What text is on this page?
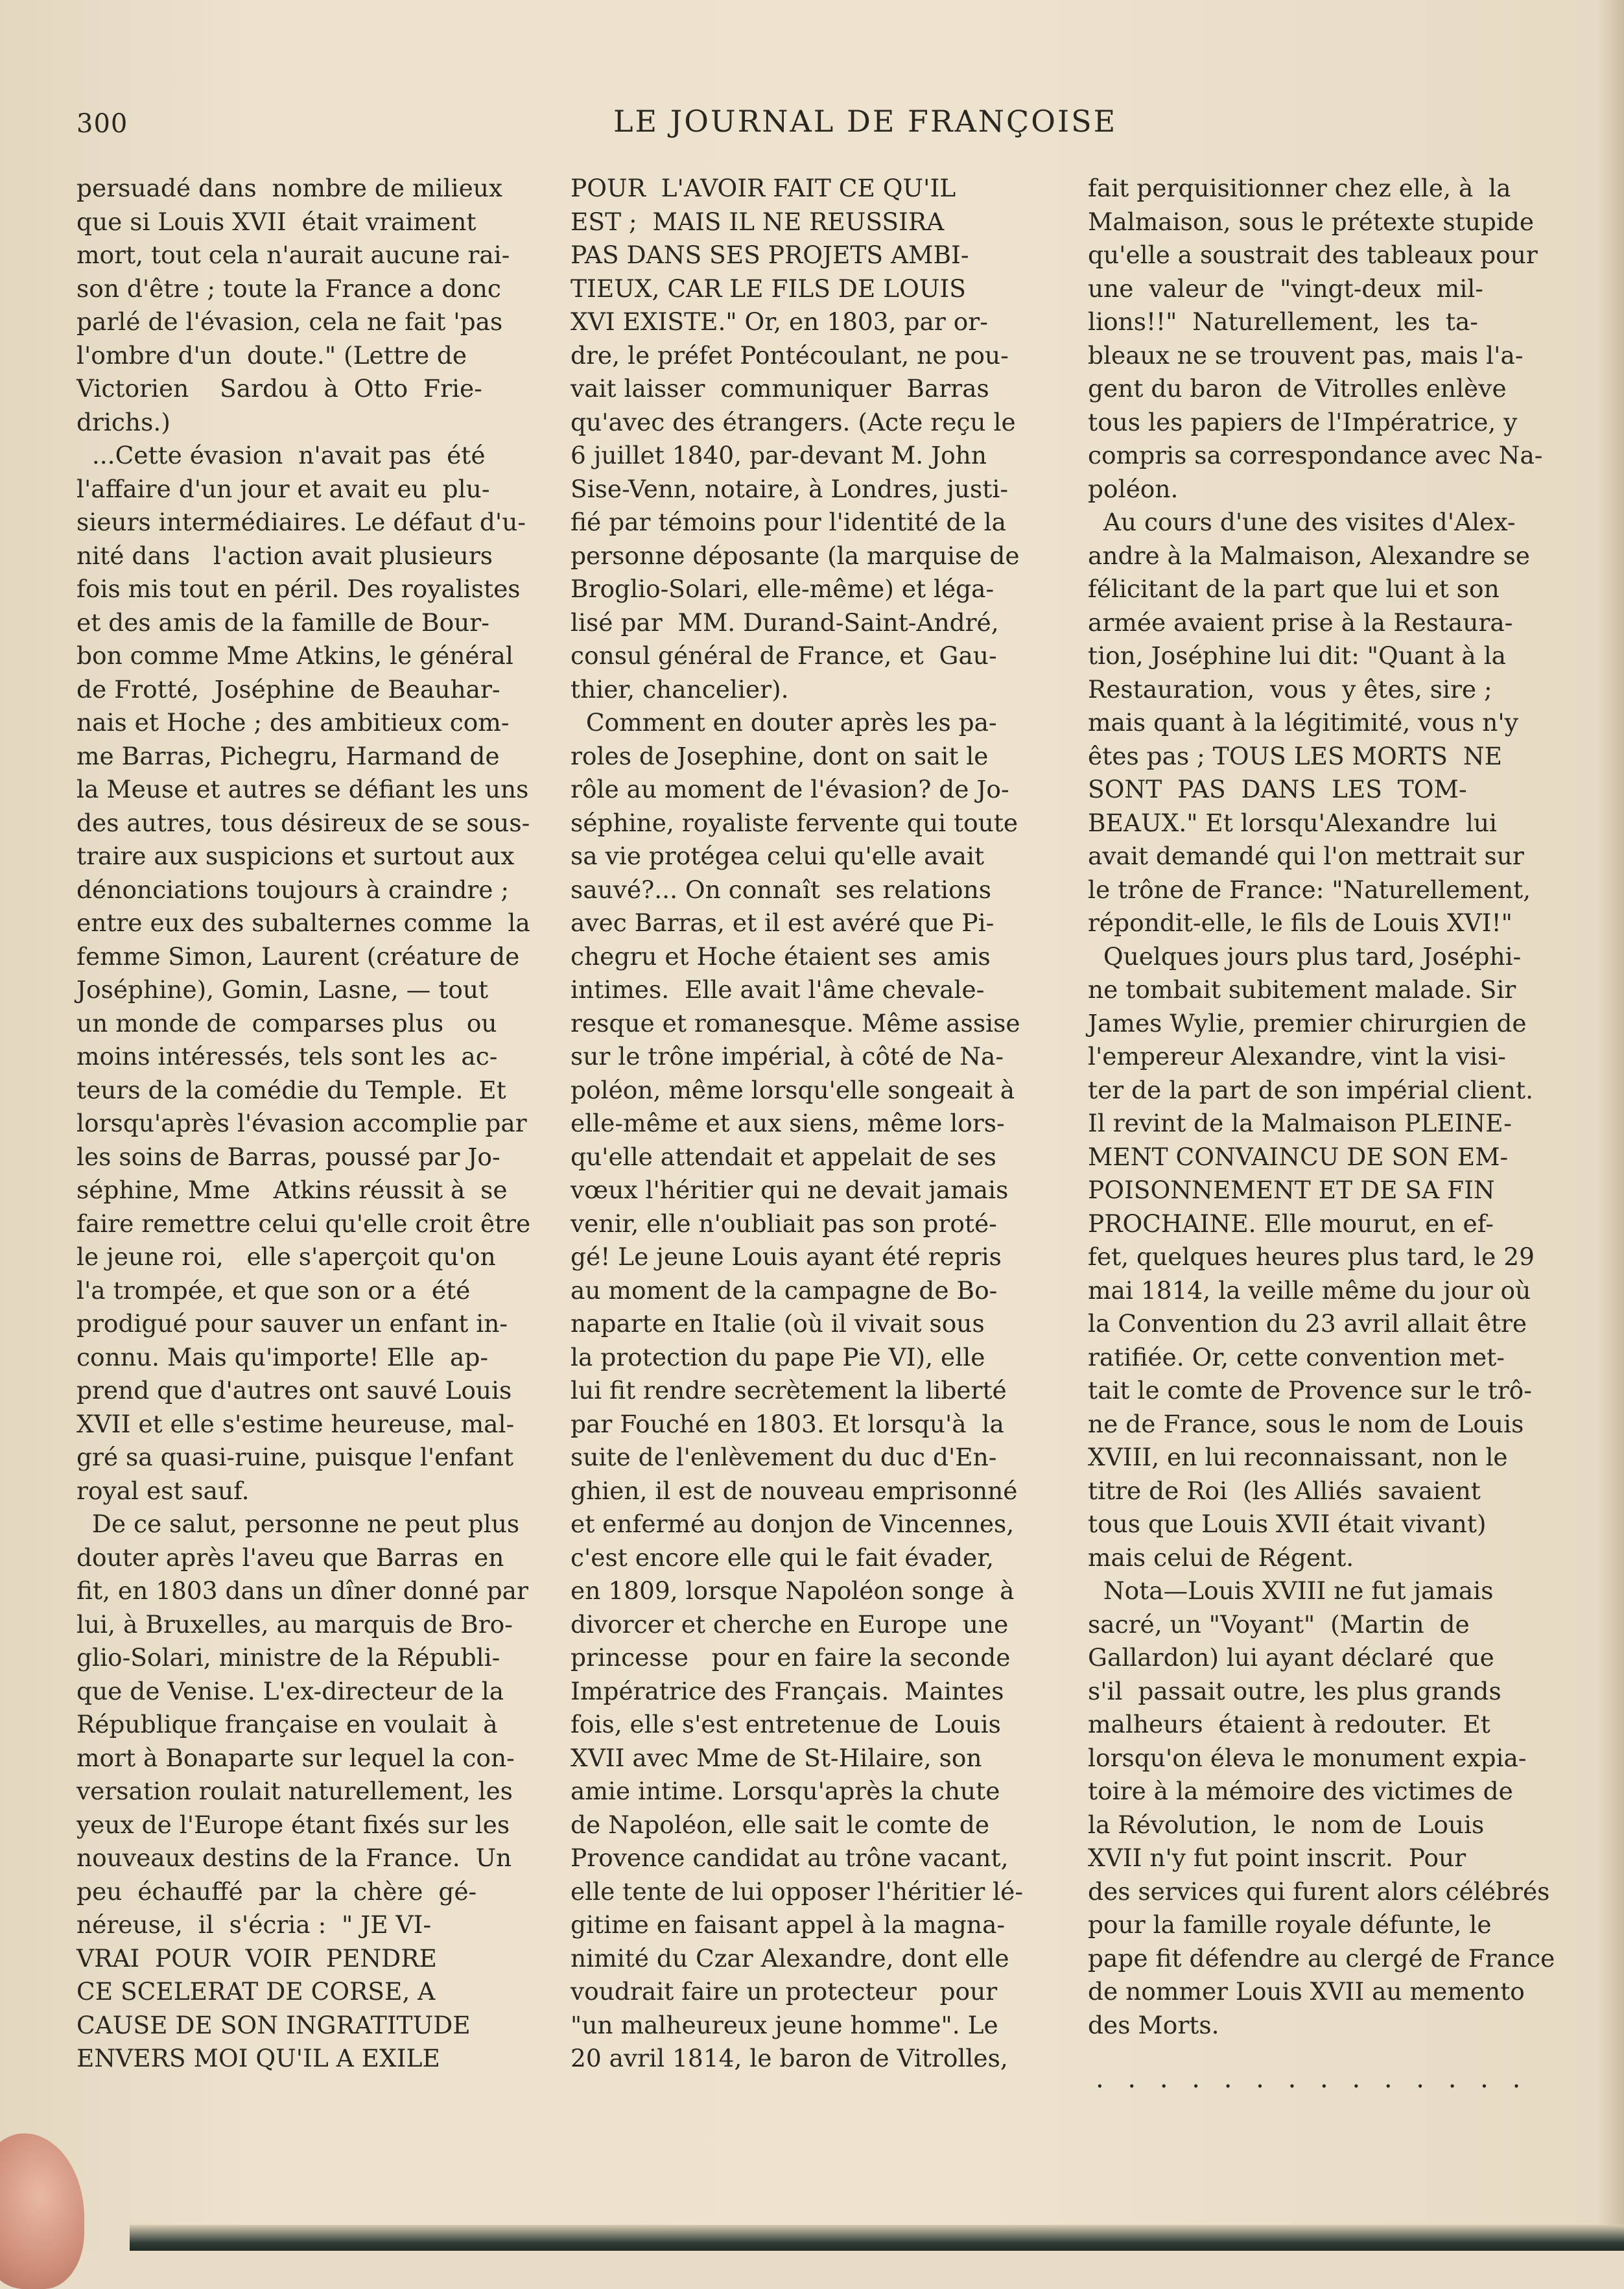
300	LE JOURNAL DE FRANÇOISE
persuadé dans  nombre de milieux
que si Louis XVII  était vraiment
mort, tout cela n'aurait aucune rai-
son d'être ; toute la France a donc
parlé de l'évasion, cela ne fait 'pas
l'ombre d'un  doute." (Lettre de
Victorien    Sardou  à  Otto  Frie-
drichs.)
...Cette évasion  n'avait pas  été
l'affaire d'un jour et avait eu  plu-
sieurs intermédiaires. Le défaut d'u-
nité dans   l'action avait plusieurs
fois mis tout en péril. Des royalistes
et des amis de la famille de Bour-
bon comme Mme Atkins, le général
de Frotté,  Joséphine  de Beauhar-
nais et Hoche ; des ambitieux com-
me Barras, Pichegru, Harmand de
la Meuse et autres se défiant les uns
des autres, tous désireux de se sous-
traire aux suspicions et surtout aux
dénonciations toujours à craindre ;
entre eux des subalternes comme  la
femme Simon, Laurent (créature de
Joséphine), Gomin, Lasne, — tout
un monde de  comparses plus   ou
moins intéressés, tels sont les  ac-
teurs de la comédie du Temple.  Et
lorsqu'après l'évasion accomplie par
les soins de Barras, poussé par Jo-
séphine, Mme   Atkins réussit à  se
faire remettre celui qu'elle croit être
le jeune roi,   elle s'aperçoit qu'on
l'a trompée, et que son or a  été
prodigué pour sauver un enfant in-
connu. Mais qu'importe! Elle  ap-
prend que d'autres ont sauvé Louis
XVII et elle s'estime heureuse, mal-
gré sa quasi-ruine, puisque l'enfant
royal est sauf.
De ce salut, personne ne peut plus
douter après l'aveu que Barras  en
fit, en 1803 dans un dîner donné par
lui, à Bruxelles, au marquis de Bro-
glio-Solari, ministre de la Républi-
que de Venise. L'ex-directeur de la
République française en voulait  à
mort à Bonaparte sur lequel la con-
versation roulait naturellement, les
yeux de l'Europe étant fixés sur les
nouveaux destins de la France.  Un
peu  échauffé  par  la  chère  gé-
néreuse,  il  s'écria :  " JE VI-
VRAI  POUR  VOIR  PENDRE
CE SCELERAT DE CORSE, A
CAUSE DE SON INGRATITUDE
ENVERS MOI QU'IL A EXILE
POUR  L'AVOIR FAIT CE QU'IL
EST ;  MAIS IL NE REUSSIRA
PAS DANS SES PROJETS AMBI-
TIEUX, CAR LE FILS DE LOUIS
XVI EXISTE." Or, en 1803, par or-
dre, le préfet Pontécoulant, ne pou-
vait laisser  communiquer  Barras
qu'avec des étrangers. (Acte reçu le
6 juillet 1840, par-devant M. John
Sise-Venn, notaire, à Londres, justi-
fié par témoins pour l'identité de la
personne déposante (la marquise de
Broglio-Solari, elle-même) et léga-
lisé par  MM. Durand-Saint-André,
consul général de France, et  Gau-
thier, chancelier).
Comment en douter après les pa-
roles de Josephine, dont on sait le
rôle au moment de l'évasion? de Jo-
séphine, royaliste fervente qui toute
sa vie protégea celui qu'elle avait
sauvé?... On connaît  ses relations
avec Barras, et il est avéré que Pi-
chegru et Hoche étaient ses  amis
intimes.  Elle avait l'âme chevale-
resque et romanesque. Même assise
sur le trône impérial, à côté de Na-
poléon, même lorsqu'elle songeait à
elle-même et aux siens, même lors-
qu'elle attendait et appelait de ses
vœux l'héritier qui ne devait jamais
venir, elle n'oubliait pas son proté-
gé! Le jeune Louis ayant été repris
au moment de la campagne de Bo-
naparte en Italie (où il vivait sous
la protection du pape Pie VI), elle
lui fit rendre secrètement la liberté
par Fouché en 1803. Et lorsqu'à  la
suite de l'enlèvement du duc d'En-
ghien, il est de nouveau emprisonné
et enfermé au donjon de Vincennes,
c'est encore elle qui le fait évader,
en 1809, lorsque Napoléon songe  à
divorcer et cherche en Europe  une
princesse   pour en faire la seconde
Impératrice des Français.  Maintes
fois, elle s'est entretenue de  Louis
XVII avec Mme de St-Hilaire, son
amie intime. Lorsqu'après la chute
de Napoléon, elle sait le comte de
Provence candidat au trône vacant,
elle tente de lui opposer l'héritier lé-
gitime en faisant appel à la magna-
nimité du Czar Alexandre, dont elle
voudrait faire un protecteur   pour
"un malheureux jeune homme". Le
20 avril 1814, le baron de Vitrolles,
fait perquisitionner chez elle, à  la
Malmaison, sous le prétexte stupide
qu'elle a soustrait des tableaux pour
une  valeur de  "vingt-deux  mil-
lions!!"  Naturellement,  les  ta-
bleaux ne se trouvent pas, mais l'a-
gent du baron  de Vitrolles enlève
tous les papiers de l'Impératrice, y
compris sa correspondance avec Na-
poléon.
Au cours d'une des visites d'Alex-
andre à la Malmaison, Alexandre se
félicitant de la part que lui et son
armée avaient prise à la Restaura-
tion, Joséphine lui dit: "Quant à la
Restauration,  vous  y êtes, sire ;
mais quant à la légitimité, vous n'y
êtes pas ; TOUS LES MORTS  NE
SONT  PAS  DANS  LES  TOM-
BEAUX." Et lorsqu'Alexandre  lui
avait demandé qui l'on mettrait sur
le trône de France: "Naturellement,
répondit-elle, le fils de Louis XVI!"
Quelques jours plus tard, Joséphi-
ne tombait subitement malade. Sir
James Wylie, premier chirurgien de
l'empereur Alexandre, vint la visi-
ter de la part de son impérial client.
Il revint de la Malmaison PLEINE-
MENT CONVAINCU DE SON EM-
POISONNEMENT ET DE SA FIN
PROCHAINE. Elle mourut, en ef-
fet, quelques heures plus tard, le 29
mai 1814, la veille même du jour où
la Convention du 23 avril allait être
ratifiée. Or, cette convention met-
tait le comte de Provence sur le trô-
ne de France, sous le nom de Louis
XVIII, en lui reconnaissant, non le
titre de Roi  (les Alliés  savaient
tous que Louis XVII était vivant)
mais celui de Régent.
Nota—Louis XVIII ne fut jamais
sacré, un "Voyant"  (Martin  de
Gallardon) lui ayant déclaré  que
s'il  passait outre, les plus grands
malheurs  étaient à redouter.  Et
lorsqu'on éleva le monument expia-
toire à la mémoire des victimes de
la Révolution,  le  nom de  Louis
XVII n'y fut point inscrit.  Pour
des services qui furent alors célébrés
pour la famille royale défunte, le
pape fit défendre au clergé de France
de nommer Louis XVII au memento
des Morts.
. . . . . . . . . . . . . .
